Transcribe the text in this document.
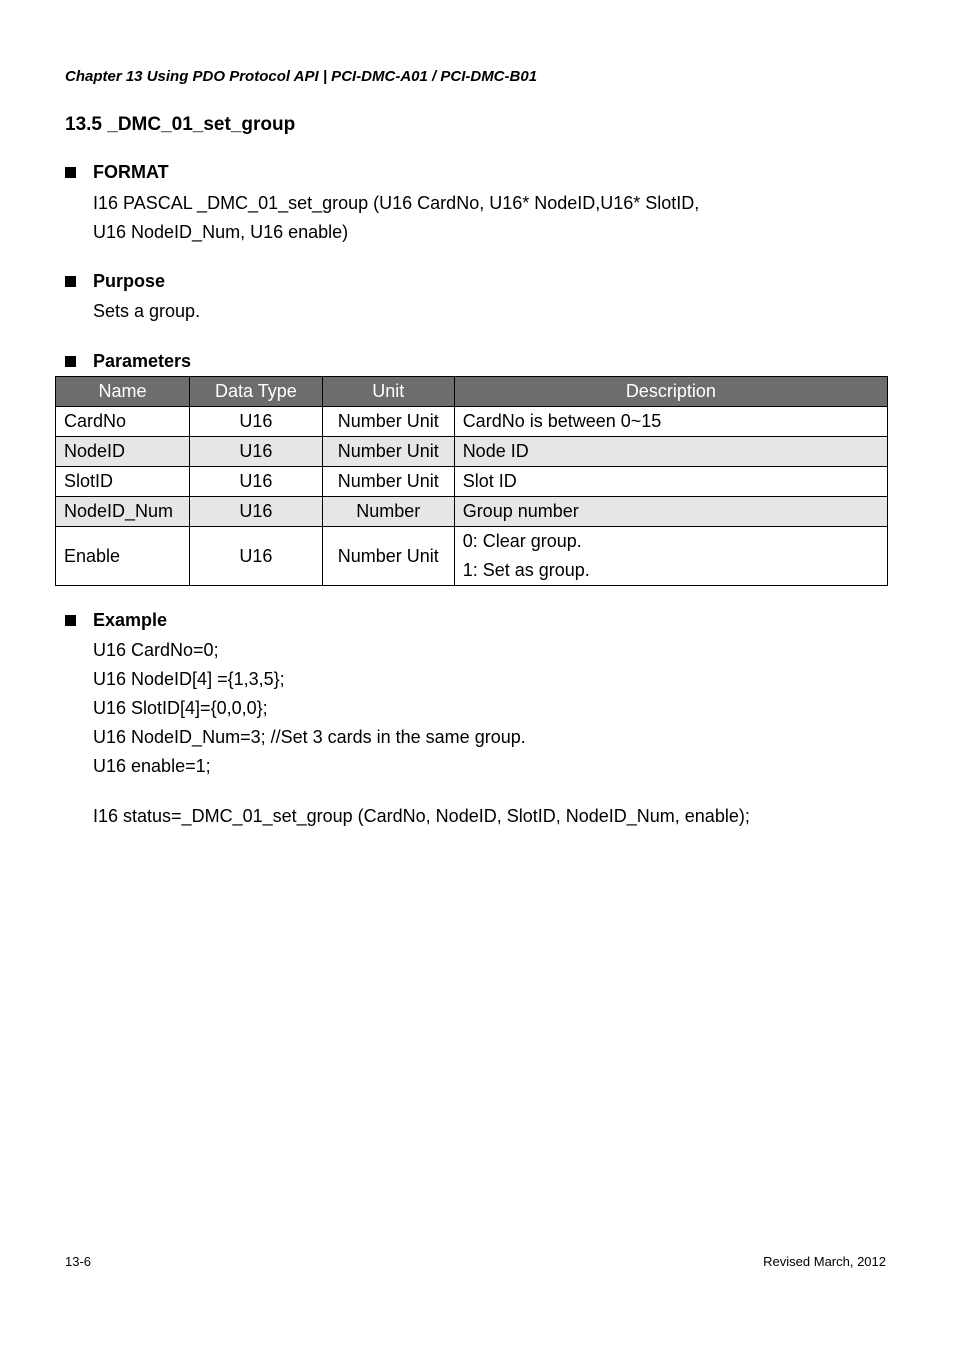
Chapter 13 Using PDO Protocol API | PCI-DMC-A01 / PCI-DMC-B01
13.5 _DMC_01_set_group
FORMAT
I16 PASCAL _DMC_01_set_group (U16 CardNo, U16* NodeID,U16* SlotID,
U16 NodeID_Num, U16 enable)
Purpose
Sets a group.
Parameters
Name	Data Type	Unit	Description
CardNo	U16	Number Unit	CardNo is between 0~15
NodeID	U16	Number Unit	Node ID
SlotID	U16	Number Unit	Slot ID
NodeID_Num	U16	Number	Group number
Enable	U16	Number Unit	0: Clear group.
1: Set as group.
Example
U16 CardNo=0;
U16 NodeID[4] ={1,3,5};
U16 SlotID[4]={0,0,0};
U16 NodeID_Num=3; //Set 3 cards in the same group.
U16 enable=1;
I16 status=_DMC_01_set_group (CardNo, NodeID, SlotID, NodeID_Num, enable);
13-6	Revised March, 2012
